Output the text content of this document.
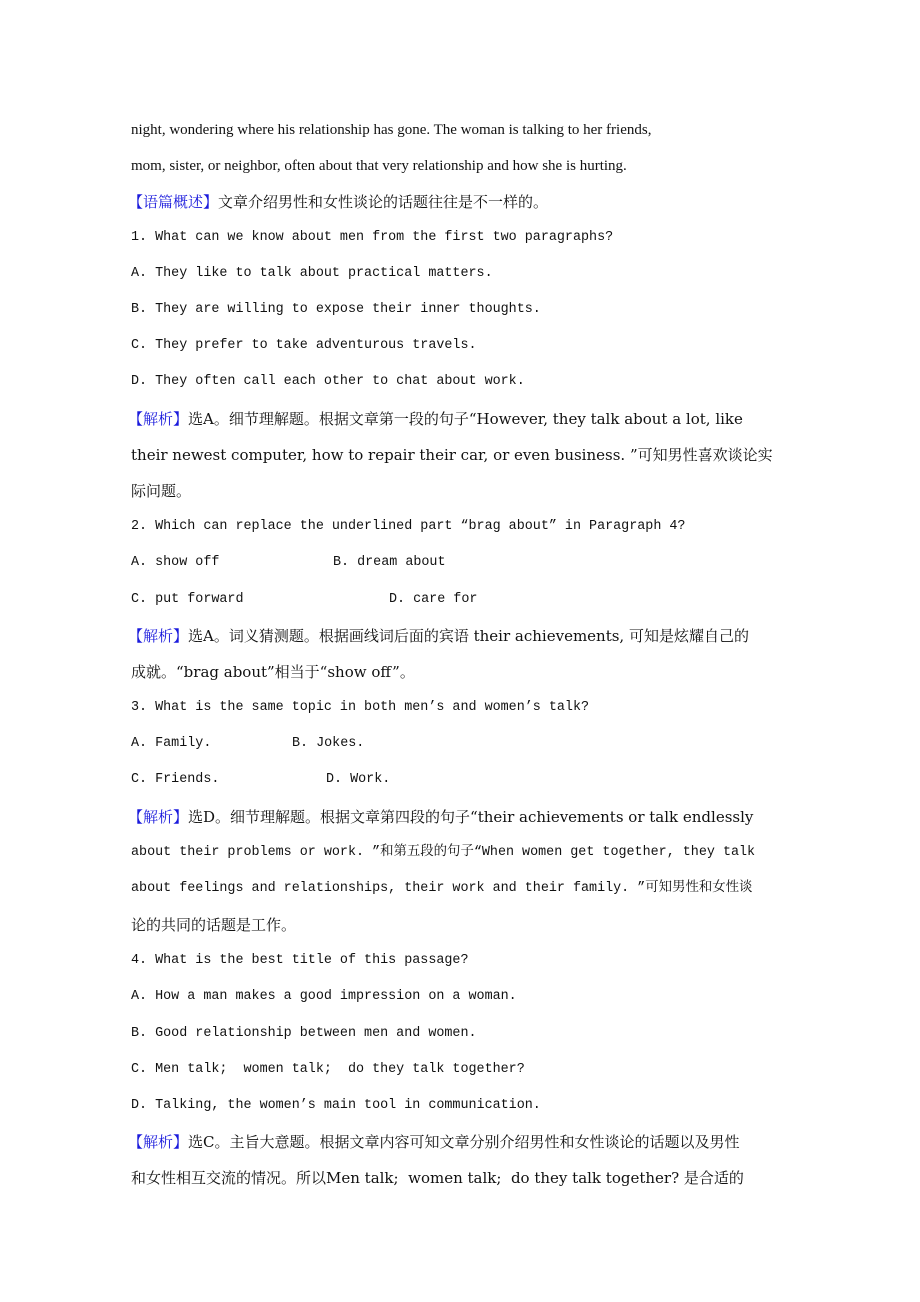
night, wondering where his relationship has gone. The woman is talking to her friends,
mom, sister, or neighbor, often about that very relationship and how she is hurting.
【语篇概述】文章介绍男性和女性谈论的话题往往是不一样的。
1. What can we know about men from the first two paragraphs?
A. They like to talk about practical matters.
B. They are willing to expose their inner thoughts.
C. They prefer to take adventurous travels.
D. They often call each other to chat about work.
【解析】选A。细节理解题。根据文章第一段的句子“However, they talk about a lot, like
their newest computer, how to repair their car, or even business. ”可知男性喜欢谈论实
际问题。
2. Which can replace the underlined part “brag about” in Paragraph 4?
A. show off	B. dream about
C. put forward	D. care for
【解析】选A。词义猜测题。根据画线词后面的宾语 their achievements, 可知是炫耀自己的
成就。“brag about”相当于“show off”。
3. What is the same topic in both men’s and women’s talk?
A. Family.	B. Jokes.
C. Friends.	D. Work.
【解析】选D。细节理解题。根据文章第四段的句子“their achievements or talk endlessly
about their problems or work. ”和第五段的句子“When women get together, they talk
about feelings and relationships, their work and their family. ”可知男性和女性谈
论的共同的话题是工作。
4. What is the best title of this passage?
A. How a man makes a good impression on a woman.
B. Good relationship between men and women.
C. Men talk;  women talk;  do they talk together?
D. Talking, the women’s main tool in communication.
【解析】选C。主旨大意题。根据文章内容可知文章分别介绍男性和女性谈论的话题以及男性
和女性相互交流的情况。所以Men talk;  women talk;  do they talk together? 是合适的
